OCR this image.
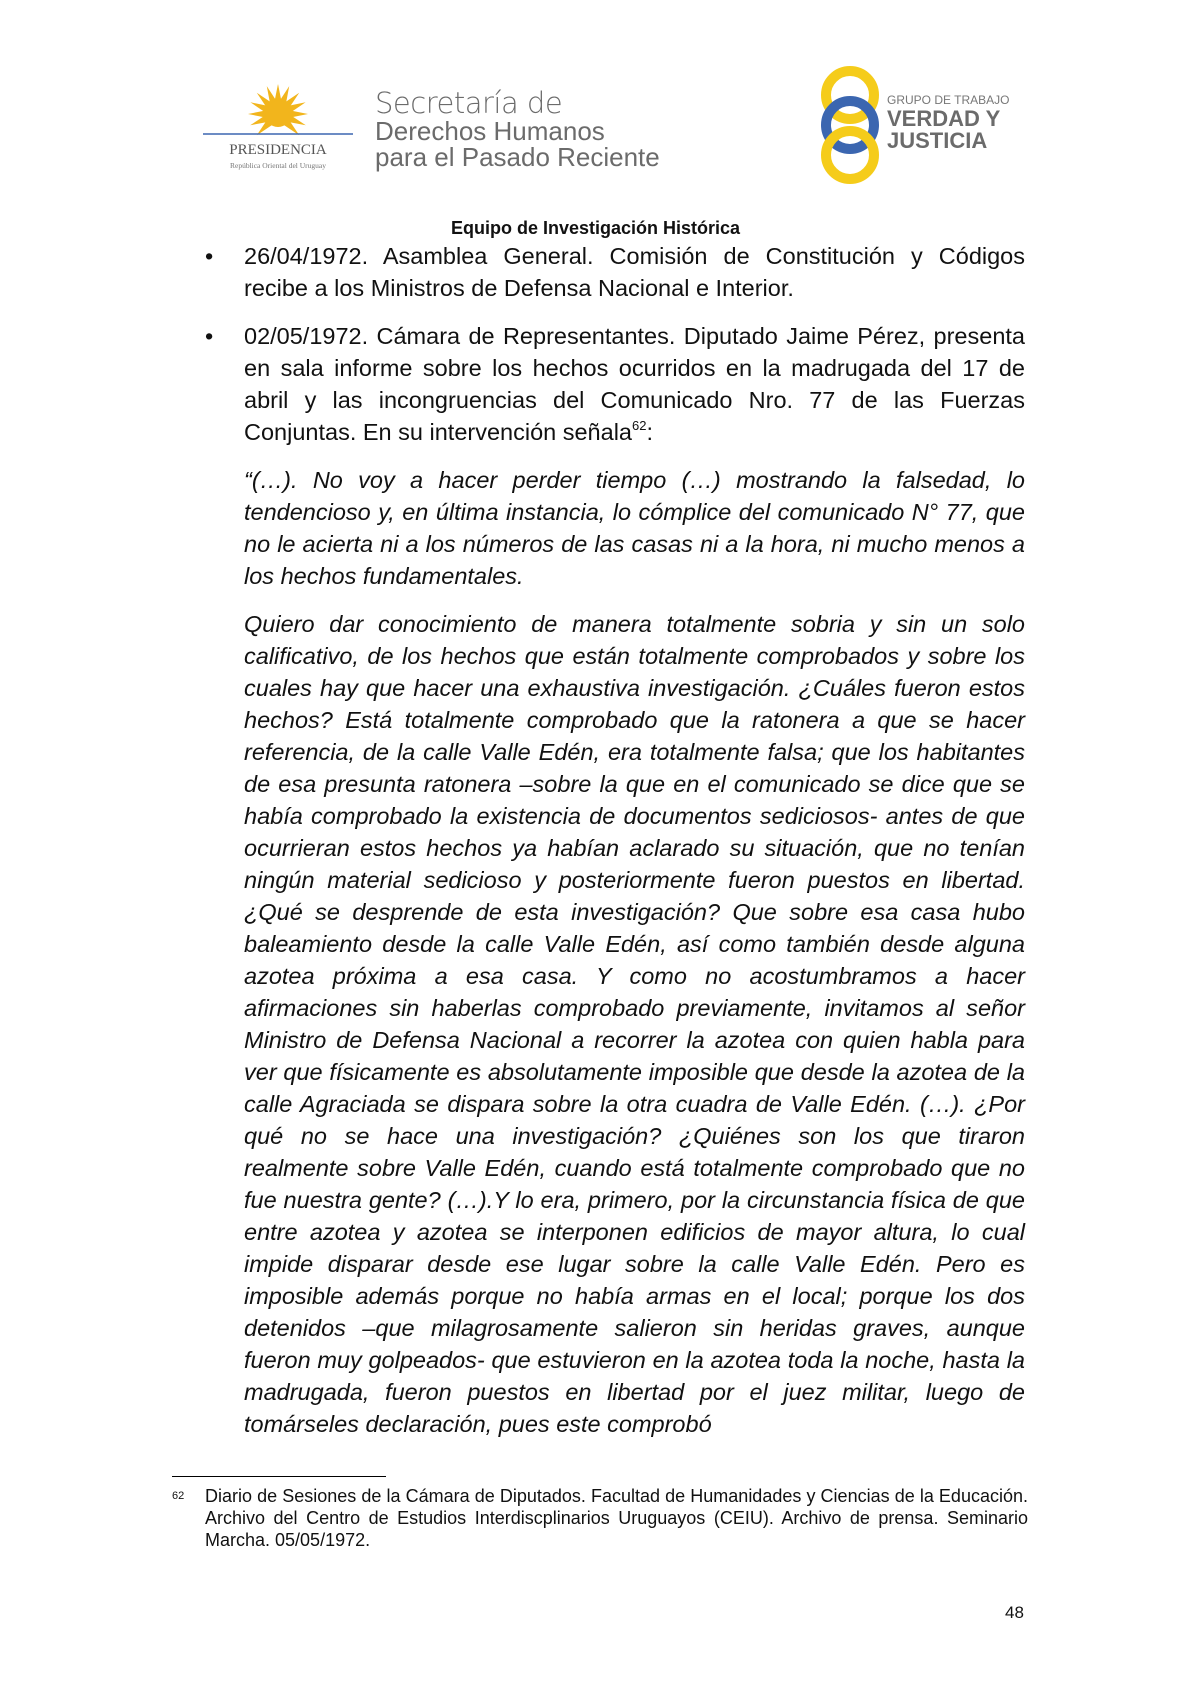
PRESIDENCIA
República Oriental del Uruguay
Secretaría de
Derechos Humanos
para el Pasado Reciente
GRUPO DE TRABAJO
VERDAD Y
JUSTICIA
Equipo de Investigación Histórica
• 26/04/1972. Asamblea General. Comisión de Constitución y Códigos recibe a los Ministros de Defensa Nacional e Interior.

• 02/05/1972. Cámara de Representantes. Diputado Jaime Pérez, presenta en sala informe sobre los hechos ocurridos en la madrugada del 17 de abril y las incongruencias del Comunicado Nro. 77 de las Fuerzas Conjuntas. En su intervención señala$^{62}$:

“(…). No voy a hacer perder tiempo (…) mostrando la falsedad, lo tendencioso y, en última instancia, lo cómplice del comunicado N° 77, que no le acierta ni a los números de las casas ni a la hora, ni mucho menos a los hechos fundamentales.

Quiero dar conocimiento de manera totalmente sobria y sin un solo calificativo, de los hechos que están totalmente comprobados y sobre los cuales hay que hacer una exhaustiva investigación. ¿Cuáles fueron estos hechos? Está totalmente comprobado que la ratonera a que se hacer referencia, de la calle Valle Edén, era totalmente falsa; que los habitantes de esa presunta ratonera –sobre la que en el comunicado se dice que se había comprobado la existencia de documentos sediciosos- antes de que ocurrieran estos hechos ya habían aclarado su situación, que no tenían ningún material sedicioso y posteriormente fueron puestos en libertad. ¿Qué se desprende de esta investigación? Que sobre esa casa hubo baleamiento desde la calle Valle Edén, así como también desde alguna azotea próxima a esa casa. Y como no acostumbramos a hacer afirmaciones sin haberlas comprobado previamente, invitamos al señor Ministro de Defensa Nacional a recorrer la azotea con quien habla para ver que físicamente es absolutamente imposible que desde la azotea de la calle Agraciada se dispara sobre la otra cuadra de Valle Edén. (…). ¿Por qué no se hace una investigación? ¿Quiénes son los que tiraron realmente sobre Valle Edén, cuando está totalmente comprobado que no fue nuestra gente? (…).Y lo era, primero, por la circunstancia física de que entre azotea y azotea se interponen edificios de mayor altura, lo cual impide disparar desde ese lugar sobre la calle Valle Edén. Pero es imposible además porque no había armas en el local; porque los dos detenidos –que milagrosamente salieron sin heridas graves, aunque fueron muy golpeados- que estuvieron en la azotea toda la noche, hasta la madrugada, fueron puestos en libertad por el juez militar, luego de tomárseles declaración, pues este comprobó

62 Diario de Sesiones de la Cámara de Diputados. Facultad de Humanidades y Ciencias de la Educación. Archivo del Centro de Estudios Interdiscplinarios Uruguayos (CEIU). Archivo de prensa. Seminario Marcha. 05/05/1972.

48
